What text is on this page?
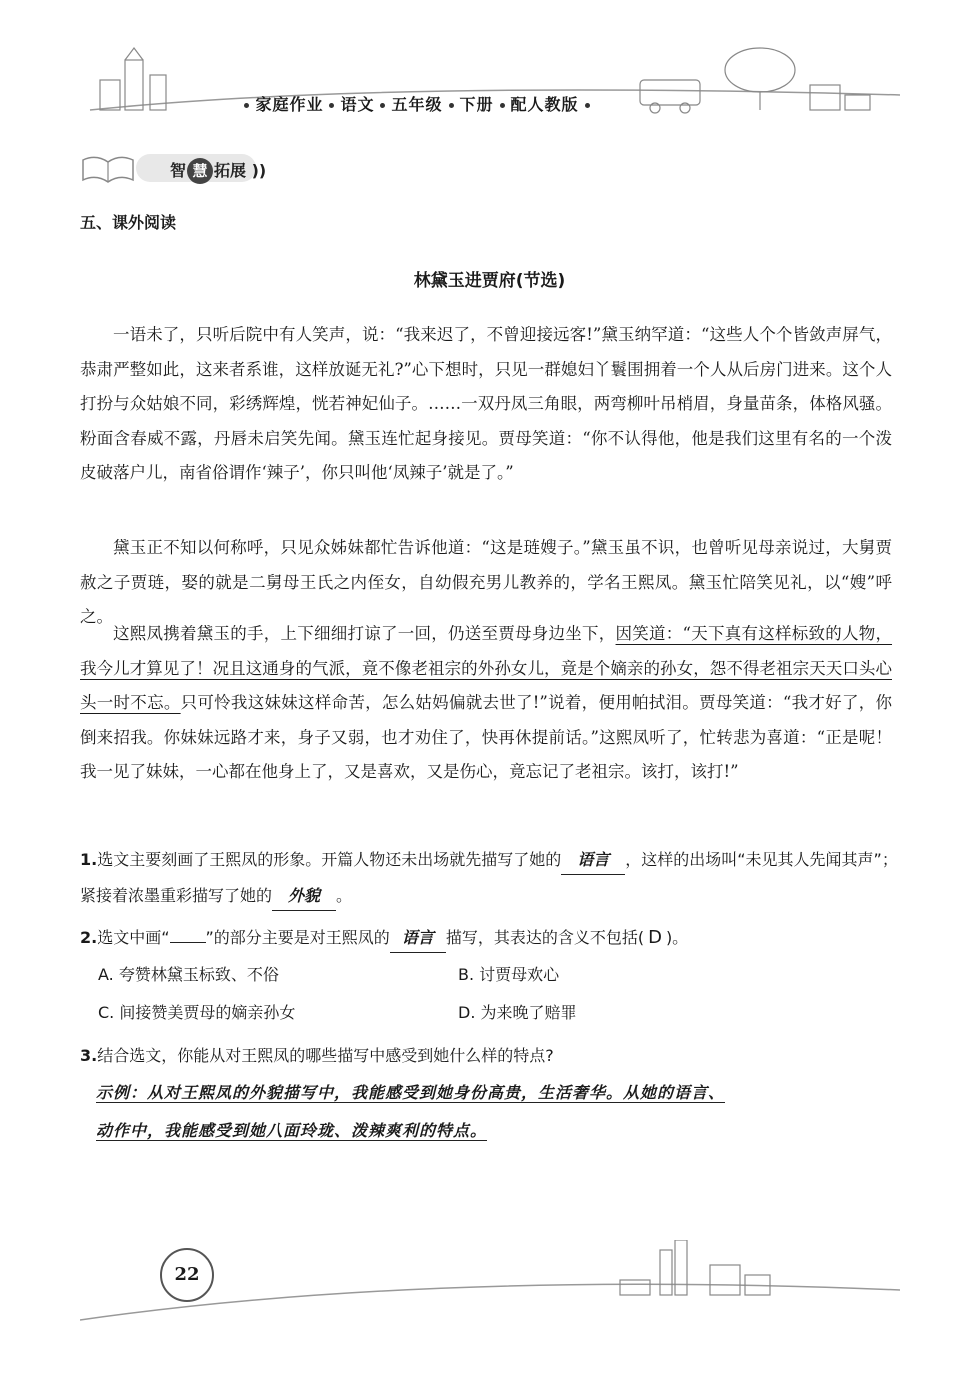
家庭作业 语文 五年级 下册 配人教版
智 慧 拓展 ))
五、课外阅读
林黛玉进贾府(节选)
一语未了，只听后院中有人笑声，说：“我来迟了，不曾迎接远客!”黛玉纳罕道：“这些人个个皆敛声屏气，恭肃严整如此，这来者系谁，这样放诞无礼?”心下想时，只见一群媳妇丫鬟围拥着一个人从后房门进来。这个人打扮与众姑娘不同，彩绣辉煌，恍若神妃仙子。……一双丹凤三角眼，两弯柳叶吊梢眉，身量苗条，体格风骚。粉面含春威不露，丹唇未启笑先闻。黛玉连忙起身接见。贾母笑道：“你不认得他，他是我们这里有名的一个泼皮破落户儿，南省俗谓作‘辣子’，你只叫他‘凤辣子’就是了。”
黛玉正不知以何称呼，只见众姊妹都忙告诉他道：“这是琏嫂子。”黛玉虽不识，也曾听见母亲说过，大舅贾赦之子贾琏，娶的就是二舅母王氏之内侄女，自幼假充男儿教养的，学名王熙凤。黛玉忙陪笑见礼，以“嫂”呼之。
这熙凤携着黛玉的手，上下细细打谅了一回，仍送至贾母身边坐下，因笑道：“天下真有这样标致的人物，我今儿才算见了！况且这通身的气派，竟不像老祖宗的外孙女儿，竟是个嫡亲的孙女，怨不得老祖宗天天口头心头一时不忘。只可怜我这妹妹这样命苦，怎么姑妈偏就去世了!”说着，便用帕拭泪。贾母笑道：“我才好了，你倒来招我。你妹妹远路才来，身子又弱，也才劝住了，快再休提前话。”这熙凤听了，忙转悲为喜道：“正是呢！我一见了妹妹，一心都在他身上了，又是喜欢，又是伤心，竟忘记了老祖宗。该打，该打!”
1.选文主要刻画了王熙凤的形象。开篇人物还未出场就先描写了她的 语言 ，这样的出场叫“未见其人先闻其声”；紧接着浓墨重彩描写了她的 外貌 。
2.选文中画“ ”的部分主要是对王熙凤的 语言 描写，其表达的含义不包括( D )。
A. 夸赞林黛玉标致、不俗	B. 讨贾母欢心
C. 间接赞美贾母的嫡亲孙女	D. 为来晚了赔罪
3.结合选文，你能从对王熙凤的哪些描写中感受到她什么样的特点?
示例：从对王熙凤的外貌描写中，我能感受到她身份高贵，生活奢华。从她的语言、
动作中，我能感受到她八面玲珑、泼辣爽利的特点。
22
